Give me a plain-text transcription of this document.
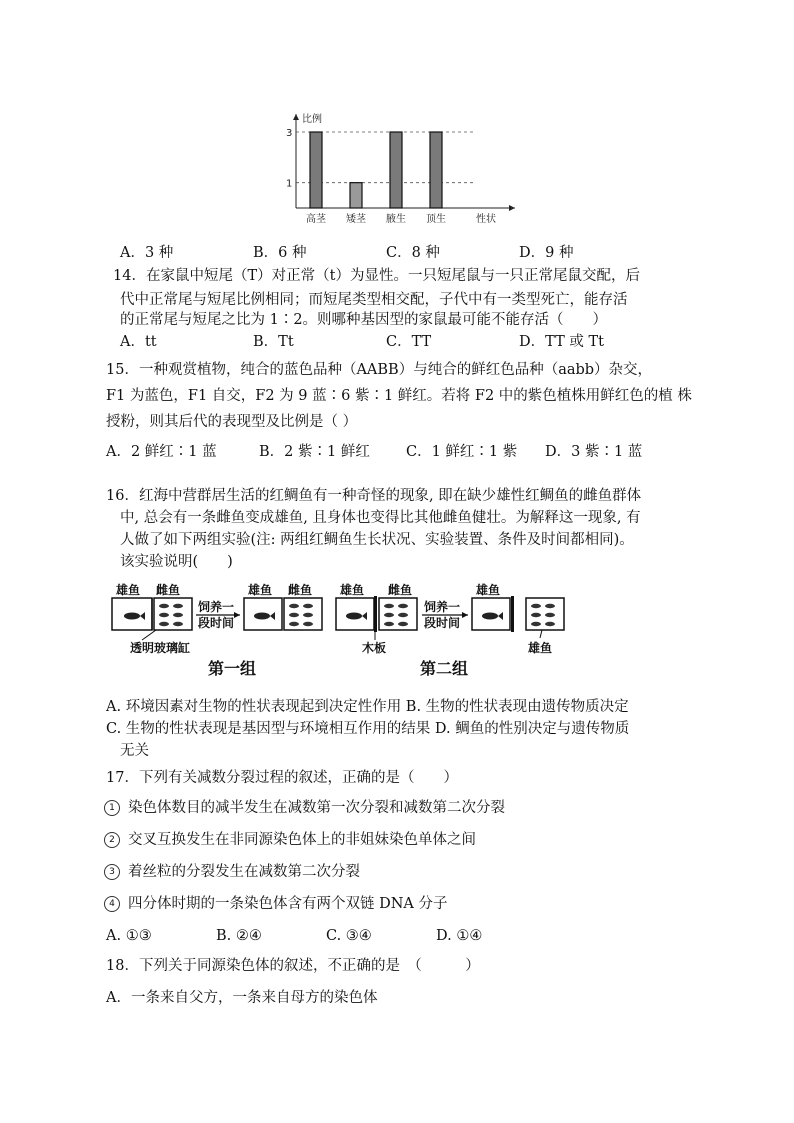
比例
性状
1
3
高茎 矮茎 腋生 顶生
A．3 种	B．6 种	C．8 种	D．9 种
14．在家鼠中短尾（T）对正常（t）为显性。一只短尾鼠与一只正常尾鼠交配，后
代中正常尾与短尾比例相同；而短尾类型相交配，子代中有一类型死亡，能存活
的正常尾与短尾之比为 1∶2。则哪种基因型的家鼠最可能不能存活（　　）
A．tt	B．Tt	C．TT	D．TT 或 Tt
15．一种观赏植物，纯合的蓝色品种（AABB）与纯合的鲜红色品种（aabb）杂交，
F1 为蓝色，F1 自交，F2 为 9 蓝∶6 紫∶1 鲜红。若将 F2 中的紫色植株用鲜红色的植 株
授粉，则其后代的表现型及比例是（ ）
A．2 鲜红∶1 蓝	B．2 紫∶1 鲜红 C．1 鲜红∶1 紫 D．3 紫∶1 蓝
16．红海中营群居生活的红鲷鱼有一种奇怪的现象, 即在缺少雄性红鲷鱼的雌鱼群体
中, 总会有一条雌鱼变成雄鱼, 且身体也变得比其他雌鱼健壮。为解释这一现象, 有
人做了如下两组实验(注: 两组红鲷鱼生长状况、实验装置、条件及时间都相同)。
该实验说明(　　)
雄鱼 雌鱼
饲养一
段时间
雄鱼 雌鱼
透明玻璃缸
第一组
雄鱼 雌鱼
饲养一
段时间
雄鱼
雄鱼
木板
第二组
A. 环境因素对生物的性状表现起到决定性作用 B. 生物的性状表现由遗传物质决定
C. 生物的性状表现是基因型与环境相互作用的结果 D. 鲷鱼的性别决定与遗传物质
无关
17．下列有关减数分裂过程的叙述，正确的是（　　）
1 染色体数目的减半发生在减数第一次分裂和减数第二次分裂
2 交叉互换发生在非同源染色体上的非姐妹染色单体之间
3 着丝粒的分裂发生在减数第二次分裂
4 四分体时期的一条染色体含有两个双链 DNA 分子
A. ①③	B. ②④	C. ③④	D. ①④
18．下列关于同源染色体的叙述，不正确的是　（　　　）
A．一条来自父方，一条来自母方的染色体
